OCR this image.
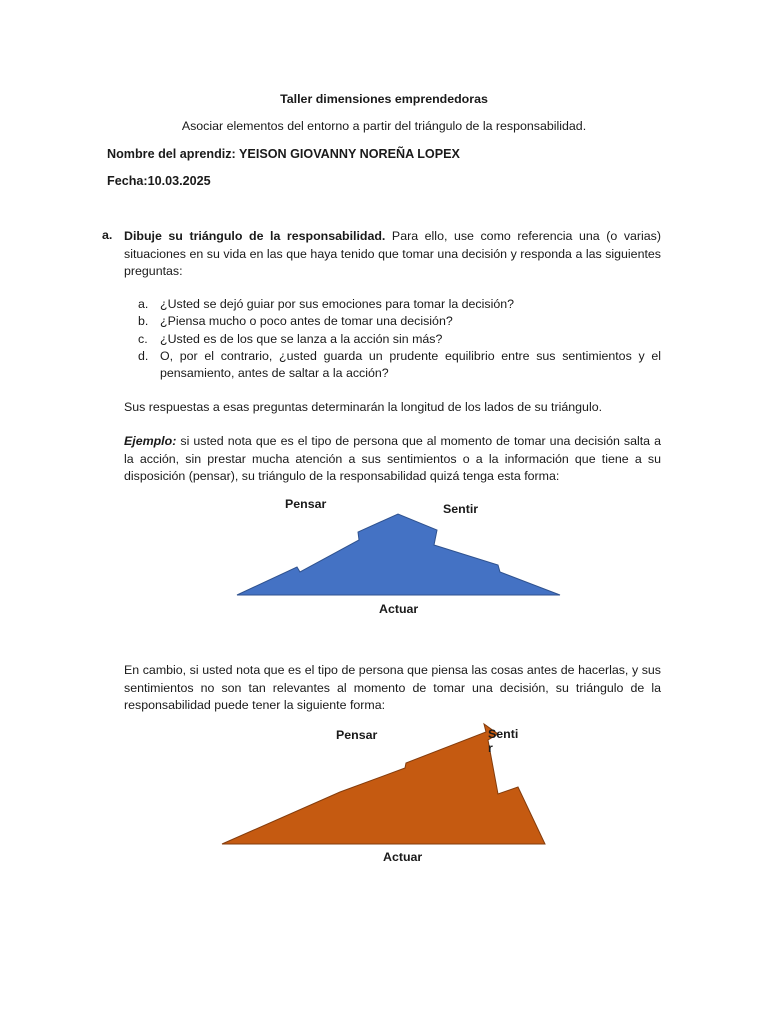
Taller dimensiones emprendedoras
Asociar elementos del entorno a partir del triángulo de la responsabilidad.
Nombre del aprendiz: YEISON GIOVANNY NOREÑA LOPEX
Fecha:10.03.2025
a. Dibuje su triángulo de la responsabilidad. Para ello, use como referencia una (o varias) situaciones en su vida en las que haya tenido que tomar una decisión y responda a las siguientes preguntas:
a. ¿Usted se dejó guiar por sus emociones para tomar la decisión?
b. ¿Piensa mucho o poco antes de tomar una decisión?
c. ¿Usted es de los que se lanza a la acción sin más?
d. O, por el contrario, ¿usted guarda un prudente equilibrio entre sus sentimientos y el pensamiento, antes de saltar a la acción?
Sus respuestas a esas preguntas determinarán la longitud de los lados de su triángulo.
Ejemplo: si usted nota que es el tipo de persona que al momento de tomar una decisión salta a la acción, sin prestar mucha atención a sus sentimientos o a la información que tiene a su disposición (pensar), su triángulo de la responsabilidad quizá tenga esta forma:
Pensar	Sentir
Actuar
En cambio, si usted nota que es el tipo de persona que piensa las cosas antes de hacerlas, y sus sentimientos no son tan relevantes al momento de tomar una decisión, su triángulo de la responsabilidad puede tener la siguiente forma:
Pensar	Sentir
Actuar
